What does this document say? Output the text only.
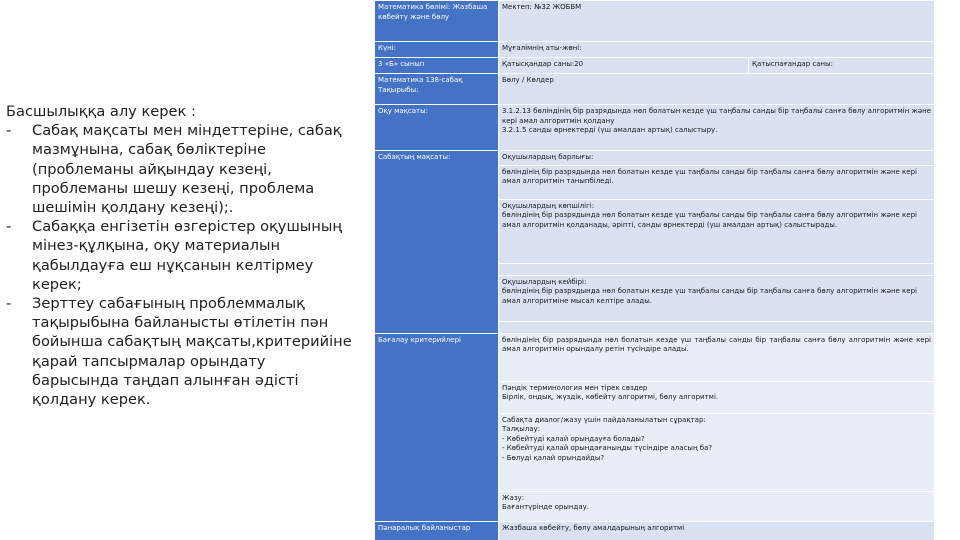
Басшылыққа алу керек :
- Сабақ мақсаты мен міндеттеріне, сабақ мазмұнына, сабақ бөліктеріне (проблеманы айқындау кезеңі, проблеманы шешу кезеңі, проблема шешімін қолдану кезеңі);.
- Сабаққа енгізетін өзгерістер оқушының мінез-құлқына, оқу материалын қабылдауға еш нұқсанын келтірмеу керек;
- Зерттеу сабағының проблеммалық тақырыбына байланысты өтілетін пән бойынша сабақтың мақсаты,критерийіне қарай тапсырмалар орындату барысында таңдап алынған әдісті қолдану керек.
Математика бөлімі: Жазбаша көбейту және бөлу	Мектеп: №32 ЖОББМ	
Күні:	Мұғалімнің аты-жөні:	
3 «Б» сынып	Қатысқандар саны:20	Қатыспағандар саны:
Математика 138-сабақ Тақырыбы:	Бөлу / Көлдер	
Оқу мақсаты:	3.1.2.13 бөліндінің бір разрядында нөл болатын кезде үш таңбалы санды бір таңбалы санға бөлу алгоритмін және кері амал алгоритмін қолдану
3.2.1.5 санды өрнектерді (үш амалдан артық) салыстыру.	

Сабақтың мақсаты:	Оқушылардың барлығы:	
	бөліндінің бір разрядында нөл болатын кезде үш таңбалы санды бір таңбалы санға бөлу алгоритмін және кері амал алгоритмін таныпбіледі.	

	Оқушылардың көпшілігі:
бөліндінің бір разрядында нөл болатын кезде үш таңбалы санды бір таңбалы санға бөлу алгоритмін және кері амал алгоритмін қолданады, әріпті, санды өрнектерді (үш амалдан артық) салыстырады.	

	Оқушылардың кейбірі:
бөліндінің бір разрядында нөл болатын кезде үш таңбалы санды бір таңбалы санға бөлу алгоритмін және кері амал алгоритміне мысал келтіре алады.	

Бағалау критерийлері	бөліндінің бір разрядында нөл болатын кезде үш таңбалы санды бір таңбалы санға бөлу алгоритмін және кері амал алгоритмін орындалу ретін түсіндіре алады.	

	Пәндік терминология мен тірек сөздер
Бірлік, ондық, жүздік, көбейту алгоритмі, бөлу алгоритмі.	

	Сабақта диалог/жазу үшін пайдаланылатын сұрақтар:
Талқылау:
- Көбейтуді қалай орындауға болады?
- Көбейтуді қалай орындағаныңды түсіндіре аласың ба?
- Бөлуді қалай орындайды?	

	Жазу:
Бағантүрінде орындау.	

Пәнаралық байланыстар	Жазбаша көбейту, бөлу амалдарының алгоритмі	
